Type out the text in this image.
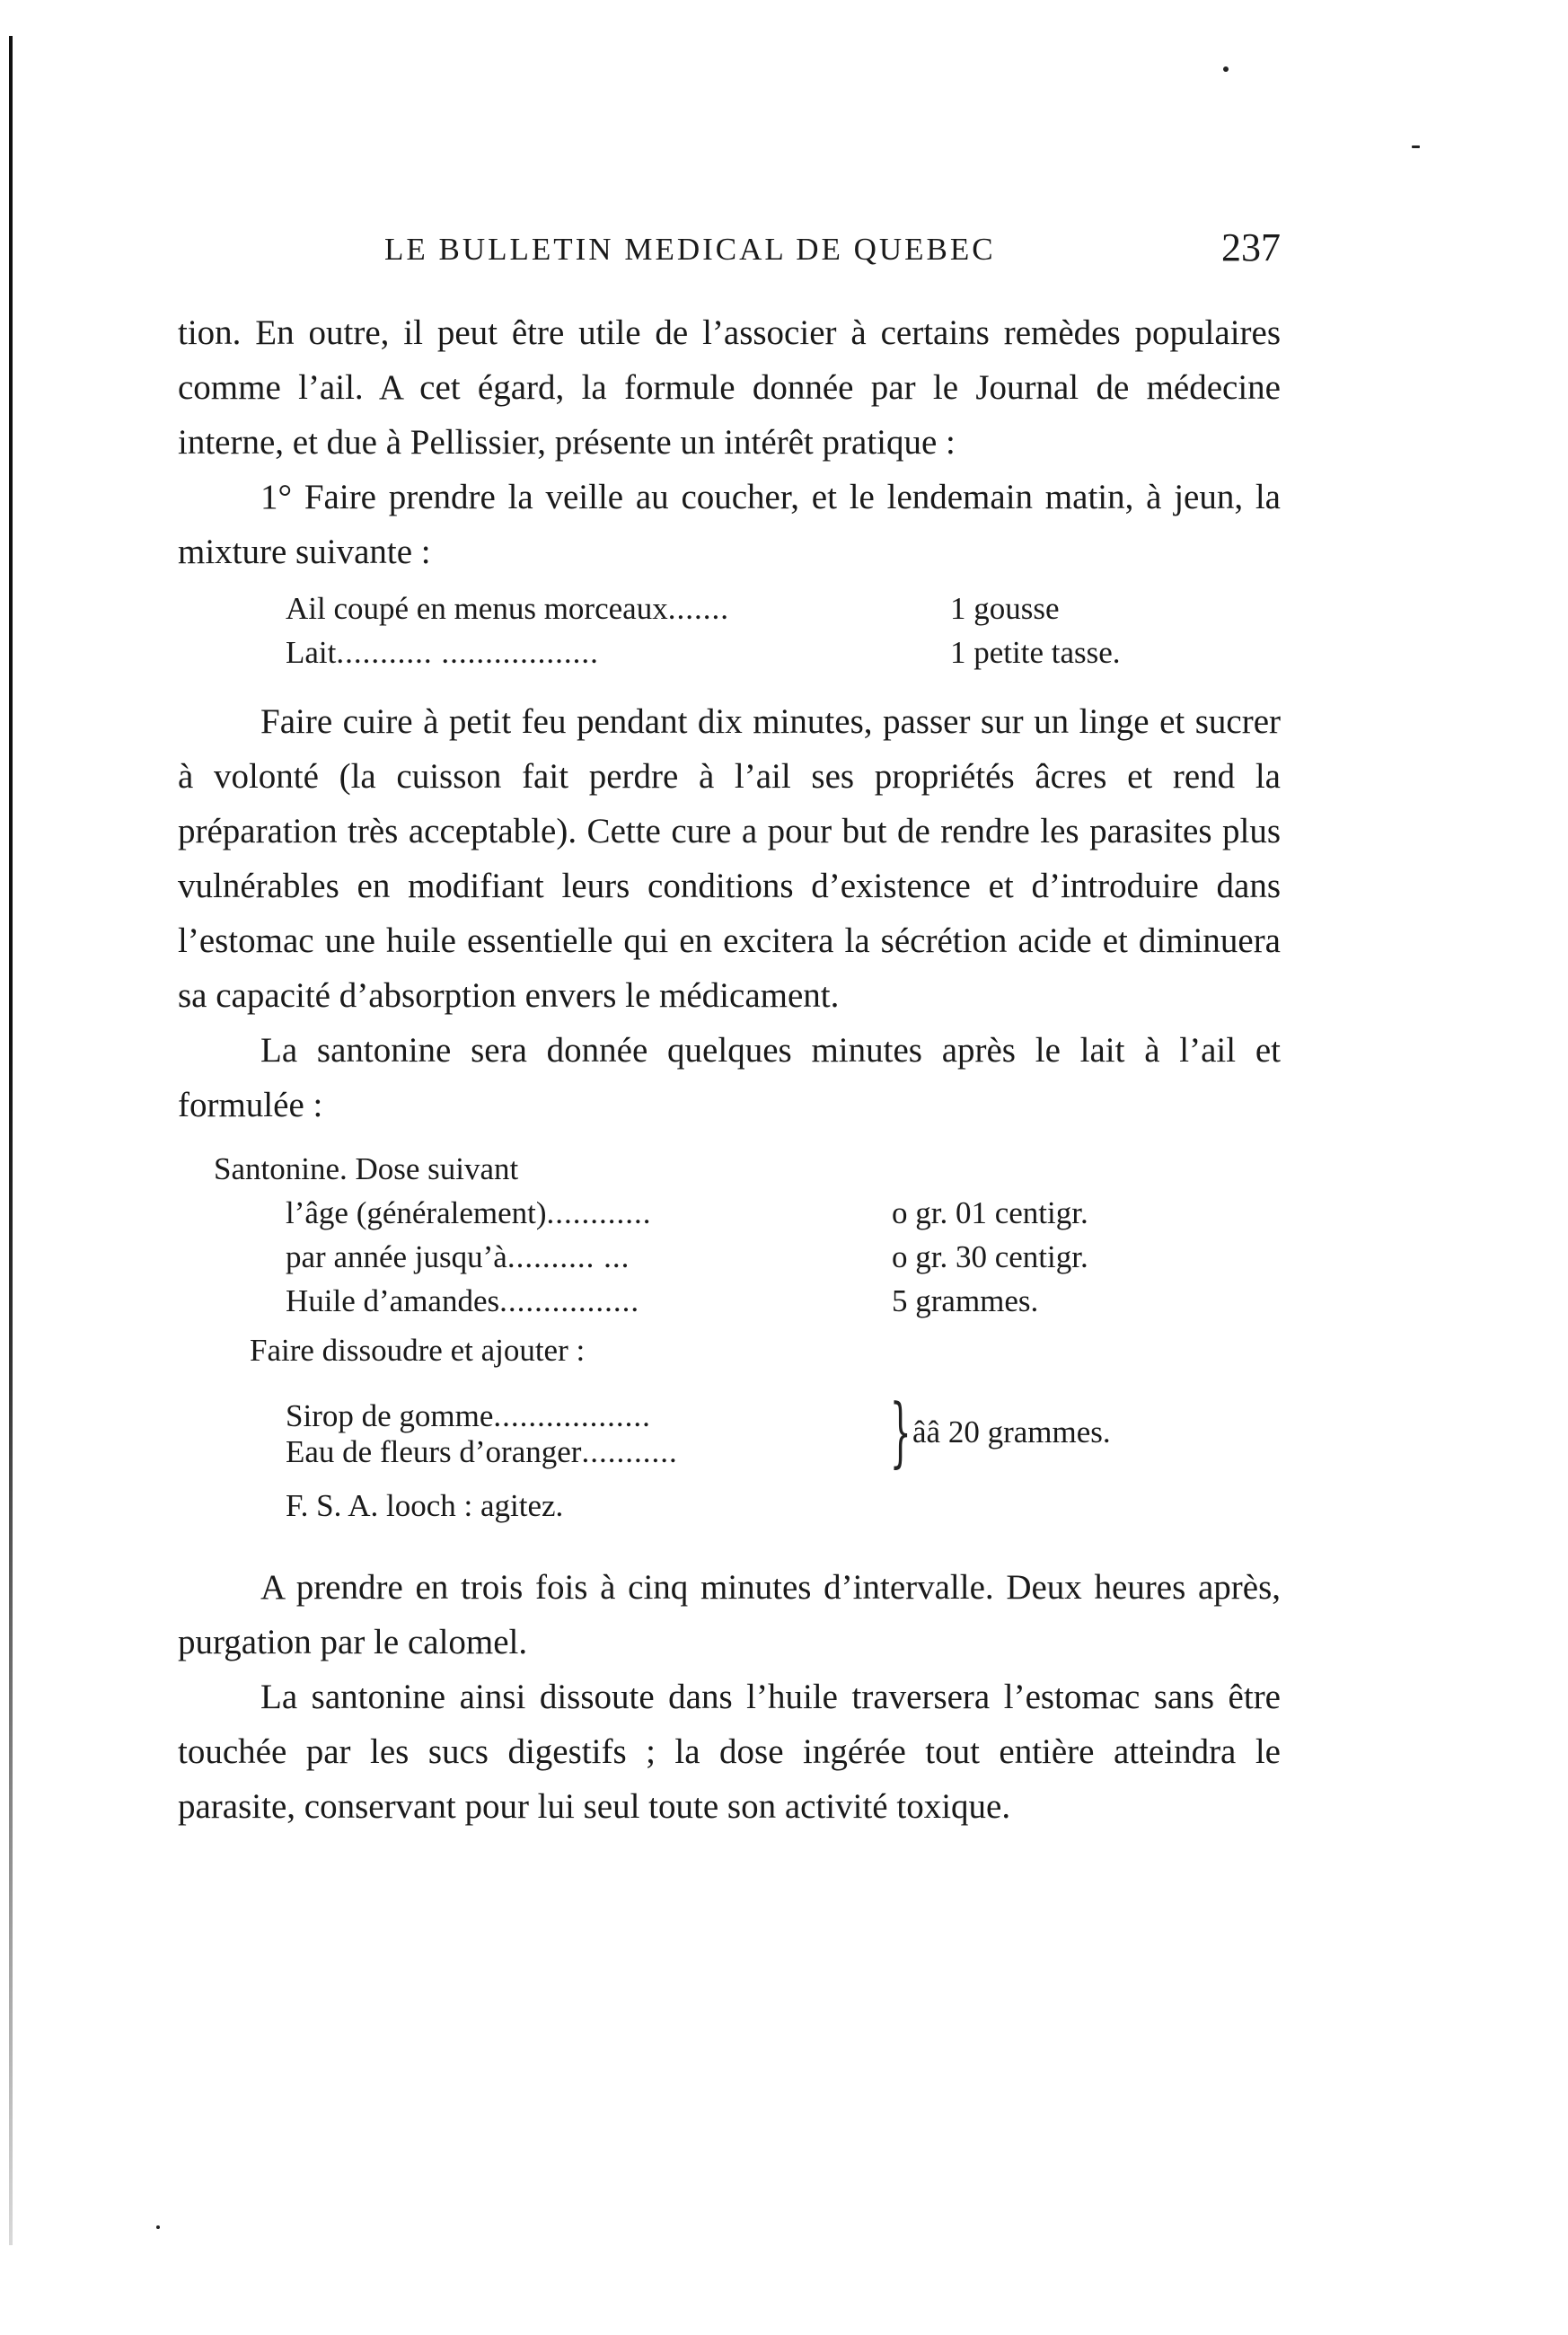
LE BULLETIN MEDICAL DE QUEBEC	237

tion. En outre, il peut être utile de l’associer à certains remèdes populaires comme l’ail. A cet égard, la formule donnée par le Journal de médecine interne, et due à Pellissier, présente un intérêt pratique :

1° Faire prendre la veille au coucher, et le lendemain matin, à jeun, la mixture suivante :

Ail coupé en menus morceaux.......	1 gousse
Lait........... ..................	1 petite tasse.

Faire cuire à petit feu pendant dix minutes, passer sur un linge et sucrer à volonté (la cuisson fait perdre à l’ail ses propriétés âcres et rend la préparation très acceptable). Cette cure a pour but de rendre les parasites plus vulnérables en modifiant leurs conditions d’existence et d’introduire dans l’estomac une huile essentielle qui en excitera la sécrétion acide et diminuera sa capacité d’absorption envers le médicament.

La santonine sera donnée quelques minutes après le lait à l’ail et formulée :

Santonine. Dose suivant
l’âge (généralement)............	o gr. 01 centigr.
par année jusqu’à.......... ...	o gr. 30 centigr.
Huile d’amandes................	5 grammes.
Faire dissoudre et ajouter :
Sirop de gomme..................
Eau de fleurs d’oranger...........	} ââ 20 grammes.
F. S. A. looch : agitez.

A prendre en trois fois à cinq minutes d’intervalle. Deux heures après, purgation par le calomel.

La santonine ainsi dissoute dans l’huile traversera l’estomac sans être touchée par les sucs digestifs ; la dose ingérée tout entière atteindra le parasite, conservant pour lui seul toute son activité toxique.
